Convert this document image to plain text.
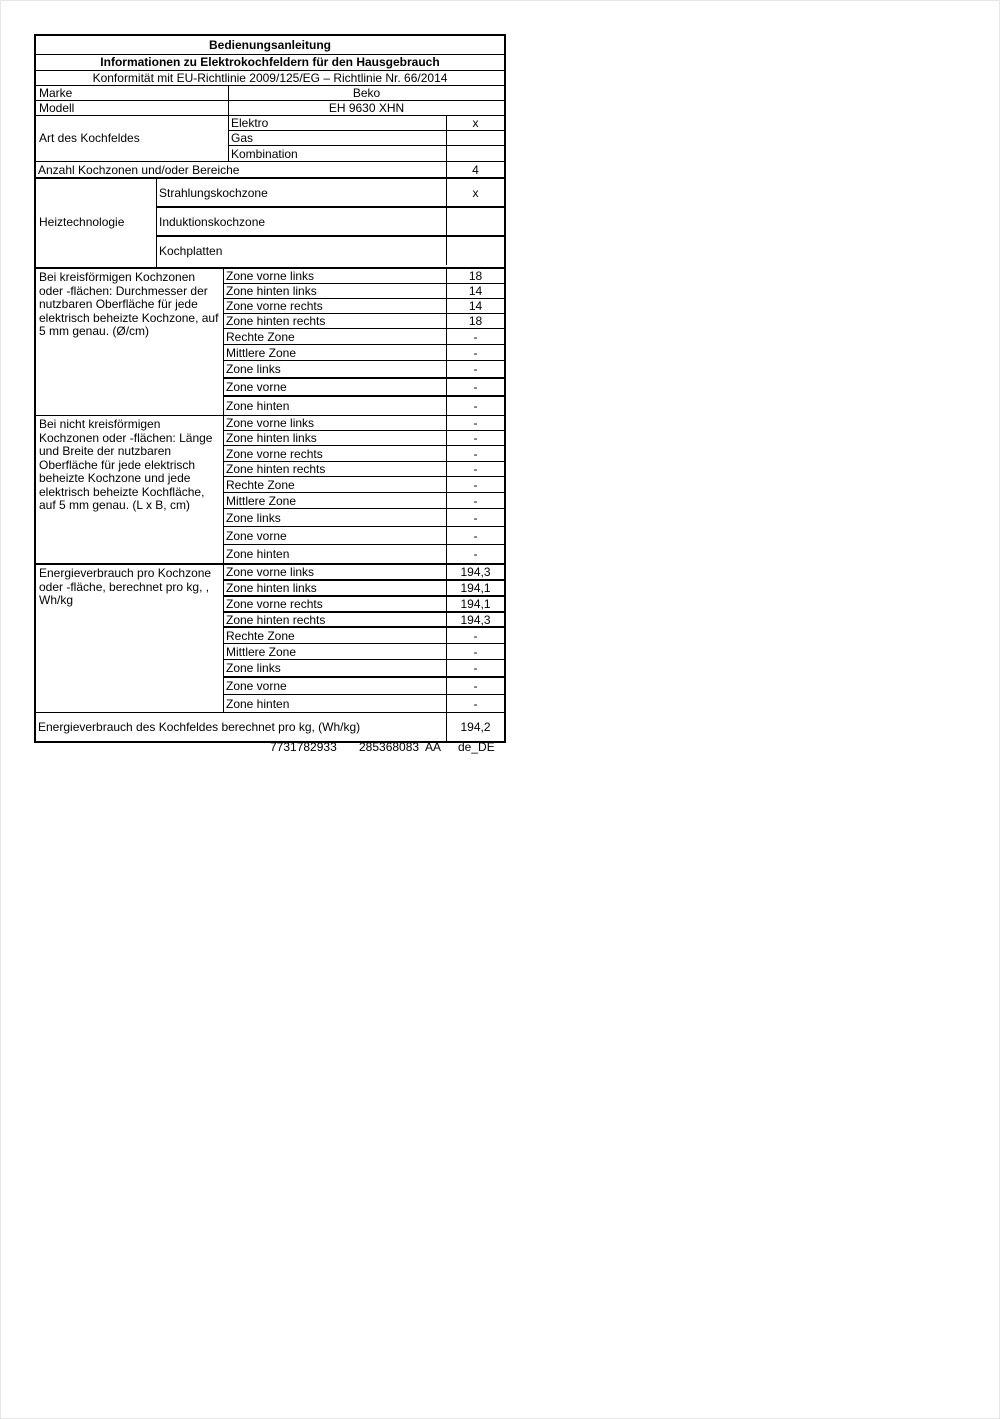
Bedienungsanleitung
Informationen zu Elektrokochfeldern für den Hausgebrauch
Konformität mit EU-Richtlinie 2009/125/EG – Richtlinie Nr. 66/2014
Marke	Beko
Modell	EH 9630 XHN
Art des Kochfeldes
Elektro	x
Gas
Kombination
Anzahl Kochzonen und/oder Bereiche	4
Heiztechnologie
Strahlungskochzone	x
Induktionskochzone
Kochplatten
Bei kreisförmigen Kochzonen oder -flächen: Durchmesser der nutzbaren Oberfläche für jede elektrisch beheizte Kochzone, auf 5 mm genau. (Ø/cm)
Zone vorne links	18
Zone hinten links	14
Zone vorne rechts	14
Zone hinten rechts	18
Rechte Zone	-
Mittlere Zone	-
Zone links	-
Zone vorne	-
Zone hinten	-
Bei nicht kreisförmigen Kochzonen oder -flächen: Länge und Breite der nutzbaren Oberfläche für jede elektrisch beheizte Kochzone und jede elektrisch beheizte Kochfläche, auf 5 mm genau. (L x B, cm)
Zone vorne links	-
Zone hinten links	-
Zone vorne rechts	-
Zone hinten rechts	-
Rechte Zone	-
Mittlere Zone	-
Zone links	-
Zone vorne	-
Zone hinten	-
Energieverbrauch pro Kochzone oder -fläche, berechnet pro kg, , Wh/kg
Zone vorne links	194,3
Zone hinten links	194,1
Zone vorne rechts	194,1
Zone hinten rechts	194,3
Rechte Zone	-
Mittlere Zone	-
Zone links	-
Zone vorne	-
Zone hinten	-
Energieverbrauch des Kochfeldes berechnet pro kg, (Wh/kg)	194,2
7731782933 285368083 AA de_DE
